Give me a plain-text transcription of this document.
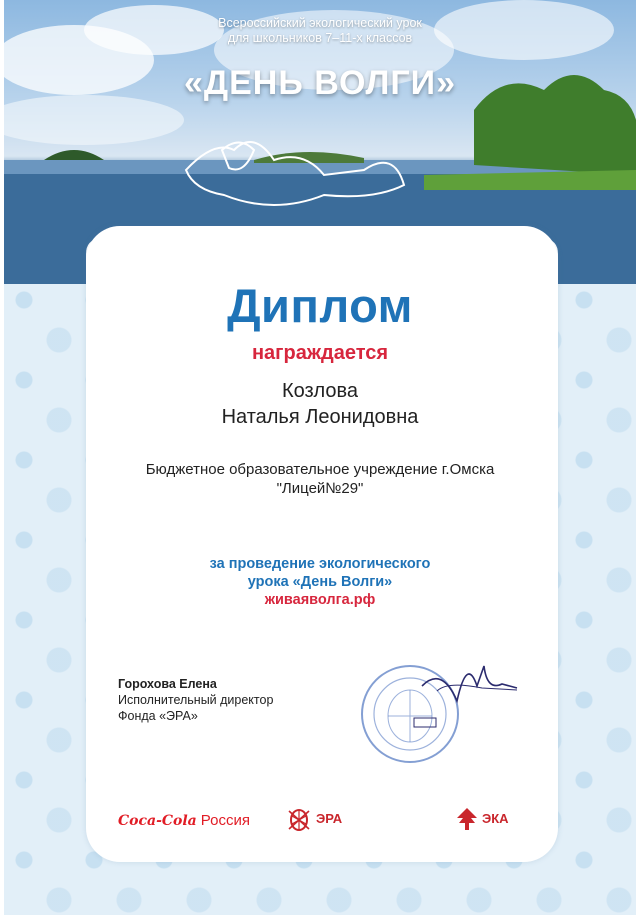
Всероссийский экологический урок
для школьников 7–11-х классов
«ДЕНЬ ВОЛГИ»
Диплом
награждается
Козлова
Наталья Леонидовна
Бюджетное образовательное учреждение г.Омска
"Лицей№29"
за проведение экологического
урока «День Волги»
живаяволга.рф
Горохова Елена
Исполнительный директор
Фонда «ЭРА»
Coca-Cola Россия	ЭРА	ЭКА
